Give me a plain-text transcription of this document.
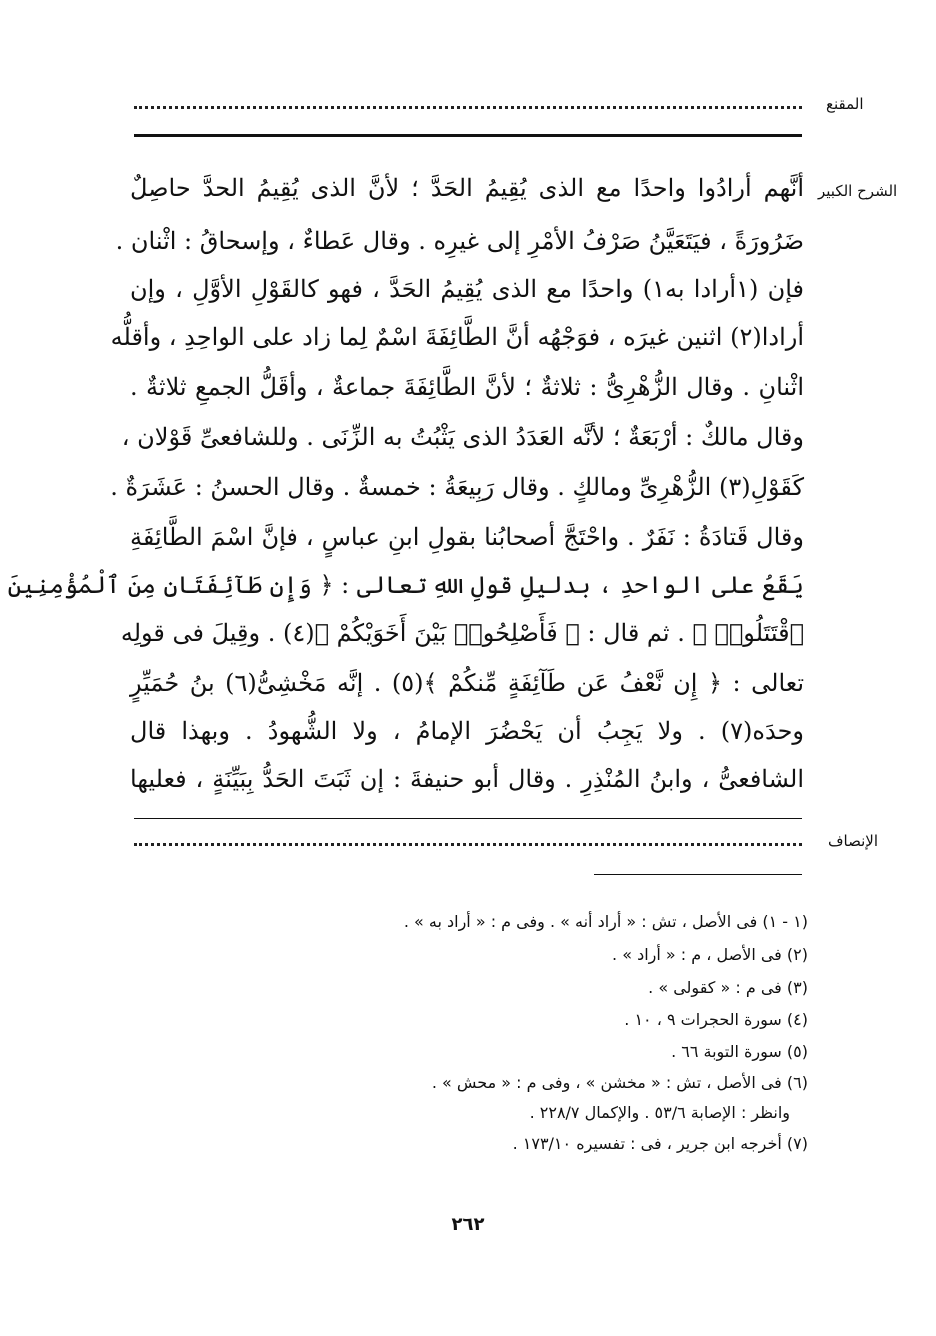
المقنع
الشرح الكبير
أنَّهم أرادُوا واحدًا مع الذى يُقِيمُ الحَدَّ ؛ لأنَّ الذى يُقِيمُ الحدَّ حاصِلٌ
ضَرُورَةً ، فيَتَعَيَّنُ صَرْفُ الأمْرِ إلى غيرِه . وقال عَطاءٌ ، وإسحاقُ : اثْنان .
فإن (١أرادا به١) واحدًا مع الذى يُقِيمُ الحَدَّ ، فهو كالقَوْلِ الأوَّلِ ، وإن
أرادا(٢) اثنين غيرَه ، فوَجْهُه أنَّ الطَّائِفَةَ اسْمٌ لِما زاد على الواحِدِ ، وأقلُّه
اثْنانِ . وقال الزُّهْرِىُّ : ثلاثةٌ ؛ لأنَّ الطَّائِفَةَ جماعةٌ ، وأقَلُّ الجمعِ ثلاثةٌ .
وقال مالكٌ : أرْبَعَةٌ ؛ لأنَّه العَدَدُ الذى يَثْبُتُ به الزِّنَى . وللشافعىِّ قَوْلان ،
كَقَوْلِ(٣) الزُّهْرِىِّ ومالكٍ . وقال رَبِيعَةُ : خمسةٌ . وقال الحسنُ : عَشَرَةٌ .
وقال قَتادَةُ : نَفَرٌ . واحْتَجَّ أصحابُنا بقولِ ابنِ عباسٍ ، فإنَّ اسْمَ الطَّائِفَةِ
يَقَعُ على الواحدِ ، بدليلِ قولِ اللهِ تعالى : ﴿ وَإِن طَآئِفَتَانِ مِنَ ٱلْمُؤْمِنِينَ
ٱقْتَتَلُوا۟ ﴾ . ثم قال : ﴿ فَأَصْلِحُوا۟ بَيْنَ أَخَوَيْكُمْ ﴾(٤) . وقِيلَ فى قولِه
تعالى : ﴿ إِن نَّعْفُ عَن طَآئِفَةٍ مِّنكُمْ ﴾(٥) . إنَّه مَخْشِىُّ(٦) بنُ حُمَيِّرٍ
وحدَه(٧) . ولا يَجِبُ أن يَحْضُرَ الإمامُ ، ولا الشُّهودُ . وبهذا قال
الشافعىُّ ، وابنُ المُنْذِرِ . وقال أبو حنيفةَ : إن ثَبَتَ الحَدُّ بِبَيِّنَةٍ ، فعليها
الإنصاف
(١ - ١) فى الأصل ، تش : « أراد أنه » . وفى م : « أراد به » .
(٢) فى الأصل ، م : « أراد » .
(٣) فى م : « كقولى » .
(٤) سورة الحجرات ٩ ، ١٠ .
(٥) سورة التوبة ٦٦ .
(٦) فى الأصل ، تش : « مخشن » ، وفى م : « محش » .
وانظر : الإصابة ٥٣/٦ . والإكمال ٢٢٨/٧ .
(٧) أخرجه ابن جرير ، فى : تفسيره ١٧٣/١٠ .
٢٦٢
